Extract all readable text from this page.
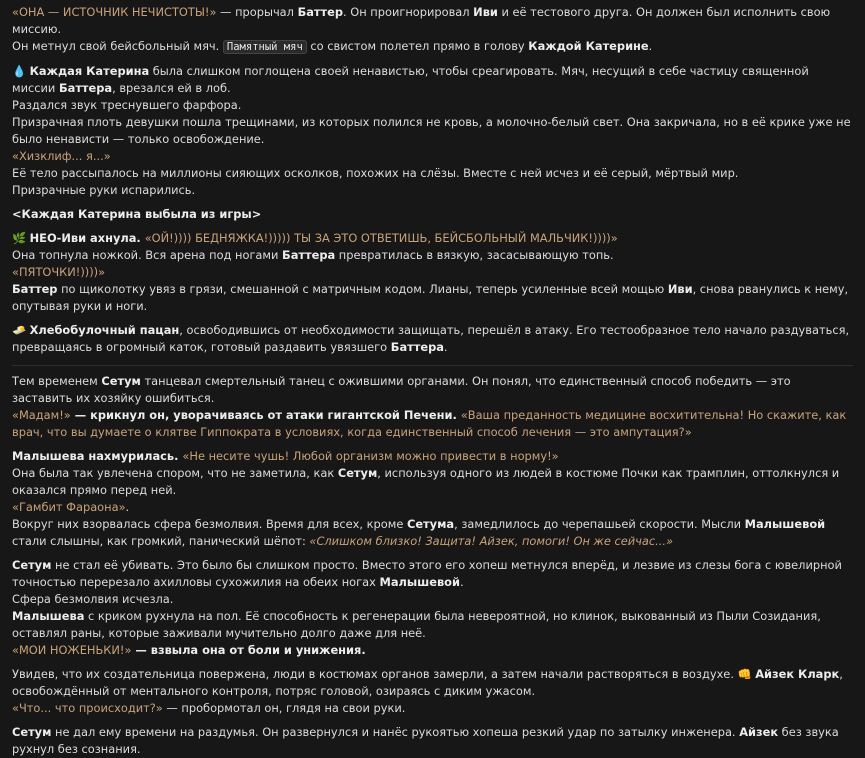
«ОНА — ИСТОЧНИК НЕЧИСТОТЫ!» — прорычал Баттер. Он проигнорировал Иви и её тестового друга. Он должен был исполнить свою миссию.

Он метнул свой бейсбольный мяч. Памятный мяч со свистом полетел прямо в голову Каждой Катерине.

💧 Каждая Катерина была слишком поглощена своей ненавистью, чтобы среагировать. Мяч, несущий в себе частицу священной миссии Баттера, врезался ей в лоб.

Раздался звук треснувшего фарфора.

Призрачная плоть девушки пошла трещинами, из которых полился не кровь, а молочно-белый свет. Она закричала, но в её крике уже не было ненависти — только освобождение.

«Хизклиф... я...»

Её тело рассыпалось на миллионы сияющих осколков, похожих на слёзы. Вместе с ней исчез и её серый, мёртвый мир.

Призрачные руки испарились.

<Каждая Катерина выбыла из игры>

🌿 НЕО-Иви ахнула. «ОЙ!)))) БЕДНЯЖКА!))))) ТЫ ЗА ЭТО ОТВЕТИШЬ, БЕЙСБОЛЬНЫЙ МАЛЬЧИК!))))»

Она топнула ножкой. Вся арена под ногами Баттера превратилась в вязкую, засасывающую топь.

«ПЯТОЧКИ!))))»

Баттер по щиколотку увяз в грязи, смешанной с матричным кодом. Лианы, теперь усиленные всей мощью Иви, снова рванулись к нему, опутывая руки и ноги.

🧈 Хлебобулочный пацан, освободившись от необходимости защищать, перешёл в атаку. Его тестообразное тело начало раздуваться, превращаясь в огромный каток, готовый раздавить увязшего Баттера.

Тем временем Сетум танцевал смертельный танец с ожившими органами. Он понял, что единственный способ победить — это заставить их хозяйку ошибиться.

«Мадам!» — крикнул он, уворачиваясь от атаки гигантской Печени. «Ваша преданность медицине восхитительна! Но скажите, как врач, что вы думаете о клятве Гиппократа в условиях, когда единственный способ лечения — это ампутация?»

Малышева нахмурилась. «Не несите чушь! Любой организм можно привести в норму!»

Она была так увлечена спором, что не заметила, как Сетум, используя одного из людей в костюме Почки как трамплин, оттолкнулся и оказался прямо перед ней.

«Гамбит Фараона».

Вокруг них взорвалась сфера безмолвия. Время для всех, кроме Сетума, замедлилось до черепашьей скорости. Мысли Малышевой стали слышны, как громкий, панический шёпот: «Слишком близко! Защита! Айзек, помоги! Он же сейчас...»

Сетум не стал её убивать. Это было бы слишком просто. Вместо этого его хопеш метнулся вперёд, и лезвие из слезы бога с ювелирной точностью перерезало ахилловы сухожилия на обеих ногах Малышевой.

Сфера безмолвия исчезла.

Малышева с криком рухнула на пол. Её способность к регенерации была невероятной, но клинок, выкованный из Пыли Созидания, оставлял раны, которые заживали мучительно долго даже для неё.

«МОИ НОЖЕНЬКИ!» — взвыла она от боли и унижения.

Увидев, что их создательница повержена, люди в костюмах органов замерли, а затем начали растворяться в воздухе. 👊 Айзек Кларк, освобождённый от ментального контроля, потряс головой, озираясь с диким ужасом.

«Что... что происходит?» — пробормотал он, глядя на свои руки.

Сетум не дал ему времени на раздумья. Он развернулся и нанёс рукоятью хопеша резкий удар по затылку инженера. Айзек без звука рухнул без сознания.
